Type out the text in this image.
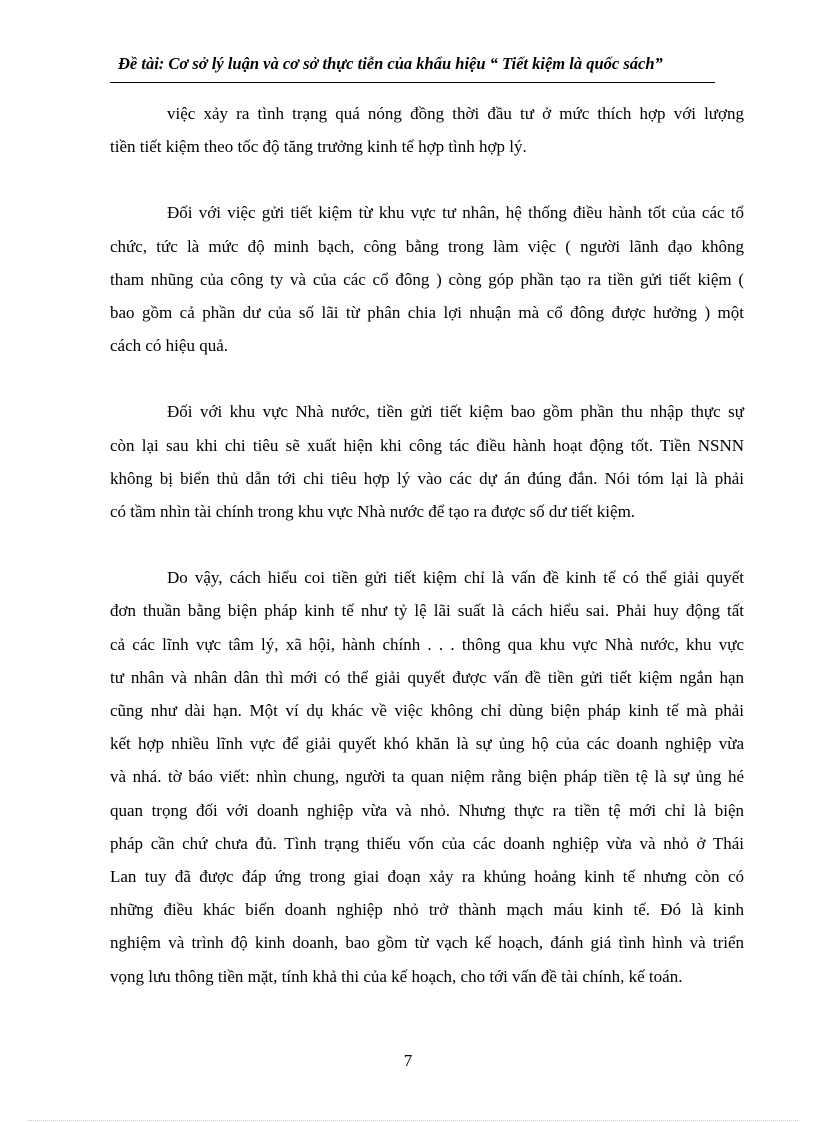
Đề tài: Cơ sở lý luận và cơ sở thực tiễn của khẩu hiệu “ Tiết kiệm là quốc sách”

việc xảy ra tình trạng quá nóng đồng thời đầu tư ở mức thích hợp với lượng
tiền tiết kiệm theo tốc độ tăng trưởng kinh tế hợp tình hợp lý.

Đối với việc gửi tiết kiệm từ khu vực tư nhân, hệ thống điều hành tốt của các tổ
chức, tức là mức độ minh bạch, công bằng trong làm việc ( người lãnh đạo không
tham nhũng của công ty và của các cổ đông ) còng góp phần tạo ra tiền gửi tiết kiệm (
bao gồm cả phần dư của số lãi từ phân chia lợi nhuận mà cổ đông được hưởng ) một
cách có hiệu quả.

Đối với khu vực Nhà nước, tiền gửi tiết kiệm bao gồm phần thu nhập thực sự
còn lại sau khi chi tiêu sẽ xuất hiện khi công tác điều hành hoạt động tốt. Tiền NSNN
không bị biển thủ dẫn tới chi tiêu hợp lý vào các dự án đúng đắn. Nói tóm lại là phải
có tầm nhìn tài chính trong khu vực Nhà nước để tạo ra được số dư tiết kiệm.

Do vậy, cách hiểu coi tiền gửi tiết kiệm chỉ là vấn đề kinh tế có thể giải quyết
đơn thuần bằng biện pháp kinh tế như tỷ lệ lãi suất là cách hiểu sai. Phải huy động tất
cả các lĩnh vực tâm lý, xã hội, hành chính . . . thông qua khu vực Nhà nước, khu vực
tư nhân và nhân dân thì mới có thể giải quyết được vấn đề tiền gửi tiết kiệm ngắn hạn
cũng như dài hạn. Một ví dụ khác về việc không chỉ dùng biện pháp kinh tế mà phải
kết hợp nhiều lĩnh vực để giải quyết khó khăn là sự ủng hộ của các doanh nghiệp vừa
và nhá. tờ báo viết: nhìn chung, người ta quan niệm rằng biện pháp tiền tệ là sự ủng hé
quan trọng đối với doanh nghiệp vừa và nhỏ. Nhưng thực ra tiền tệ mới chỉ là biện
pháp cần chứ chưa đủ. Tình trạng thiếu vốn của các doanh nghiệp vừa và nhỏ ở Thái
Lan tuy đã được đáp ứng trong giai đoạn xảy ra khủng hoảng kinh tế nhưng còn có
những điều khác biến doanh nghiệp nhỏ trở thành mạch máu kinh tế. Đó là kinh
nghiệm và trình độ kinh doanh, bao gồm từ vạch kế hoạch, đánh giá tình hình và triển
vọng lưu thông tiền mặt, tính khả thi của kế hoạch, cho tới vấn đề tài chính, kế toán.

7
